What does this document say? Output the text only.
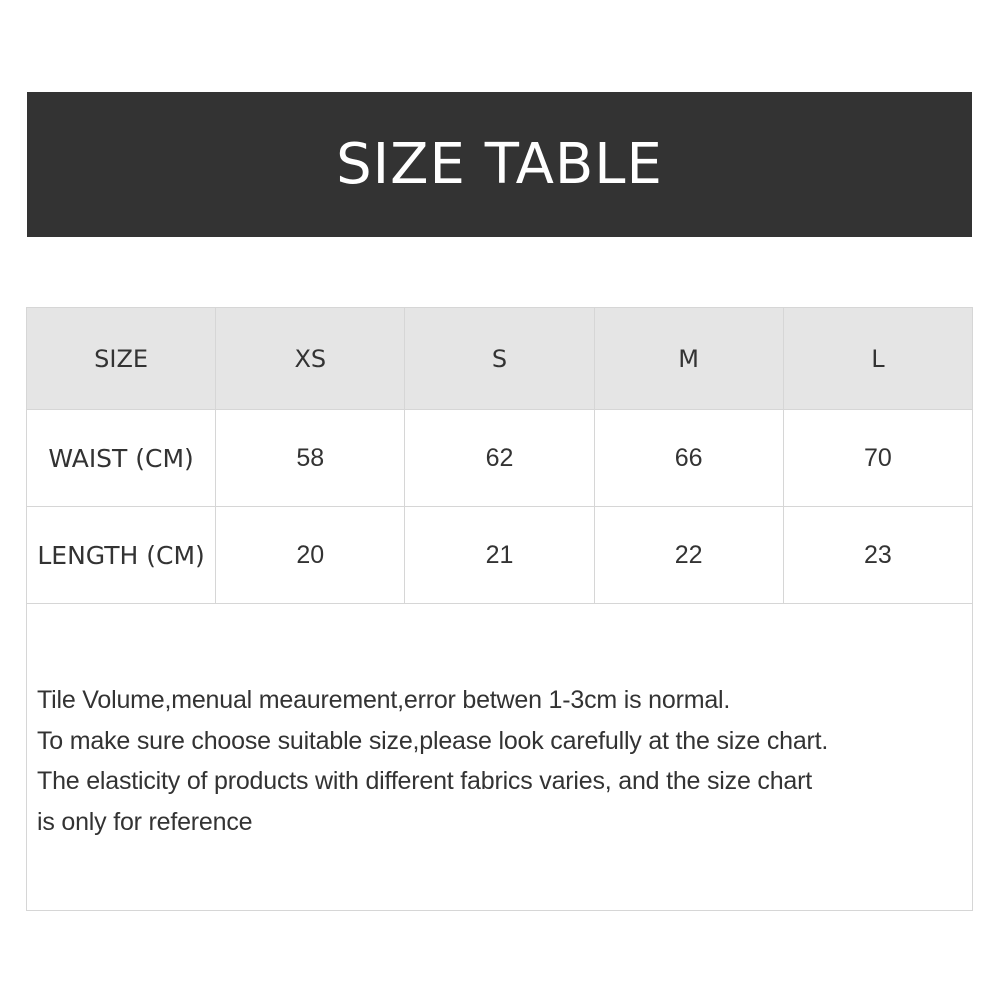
SIZE TABLE
SIZE	XS	S	M	L
WAIST (CM)	58	62	66	70
LENGTH (CM)	20	21	22	23
Tile Volume,menual meaurement,error betwen 1-3cm is normal.
To make sure choose suitable size,please look carefully at the size chart.
The elasticity of products with different fabrics varies, and the size chart
is only for reference
